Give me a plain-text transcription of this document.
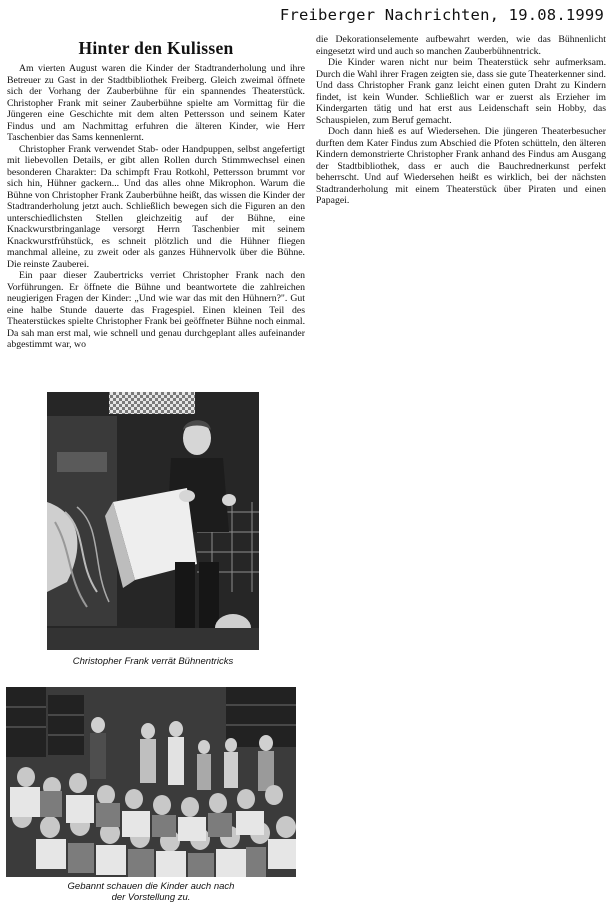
Freiberger Nachrichten, 19.08.1999
Hinter den Kulissen

Am vierten August waren die Kinder der Stadtranderholung und ihre Betreuer zu Gast in der Stadtbibliothek Freiberg. Gleich zweimal öffnete sich der Vorhang der Zauberbühne für ein spannendes Theaterstück. Christopher Frank mit seiner Zauberbühne spielte am Vormittag für die Jüngeren eine Geschichte mit dem alten Pettersson und seinem Kater Findus und am Nachmittag erfuhren die älteren Kinder, wie Herr Taschenbier das Sams kennenlernt.

Christopher Frank verwendet Stab- oder Handpuppen, selbst angefertigt mit liebevollen Details, er gibt allen Rollen durch Stimmwechsel einen besonderen Charakter: Da schimpft Frau Rotkohl, Pettersson brummt vor sich hin, Hühner gackern... Und das alles ohne Mikrophon. Warum die Bühne von Christopher Frank Zauberbühne heißt, das wissen die Kinder der Stadtranderholung jetzt auch. Schließlich bewegen sich die Figuren an den unterschiedlichsten Stellen gleichzeitig auf der Bühne, eine Knackwurstbringanlage versorgt Herrn Taschenbier mit seinem Knackwurstfrühstück, es schneit plötzlich und die Hühner fliegen manchmal alleine, zu zweit oder als ganzes Hühnervolk über die Bühne. Die reinste Zauberei.

Ein paar dieser Zaubertricks verriet Christopher Frank nach den Vorführungen. Er öffnete die Bühne und beantwortete die zahlreichen neugierigen Fragen der Kinder: „Und wie war das mit den Hühnern?". Gut eine halbe Stunde dauerte das Fragespiel. Einen kleinen Teil des Theaterstückes spielte Christopher Frank bei geöffneter Bühne noch einmal. Da sah man erst mal, wie schnell und genau durchgeplant alles aufeinander abgestimmt war, wo

die Dekorationselemente aufbewahrt werden, wie das Bühnenlicht eingesetzt wird und auch so manchen Zauberbühnentrick.

Die Kinder waren nicht nur beim Theaterstück sehr aufmerksam. Durch die Wahl ihrer Fragen zeigten sie, dass sie gute Theaterkenner sind. Und dass Christopher Frank ganz leicht einen guten Draht zu Kindern findet, ist kein Wunder. Schließlich war er zuerst als Erzieher im Kindergarten tätig und hat erst aus Leidenschaft sein Hobby, das Schauspielen, zum Beruf gemacht.

Doch dann hieß es auf Wiedersehen. Die jüngeren Theaterbesucher durften dem Kater Findus zum Abschied die Pfoten schütteln, den älteren Kindern demonstrierte Christopher Frank anhand des Findus am Ausgang der Stadtbibliothek, dass er auch die Bauchrednerkunst perfekt beherrscht. Und auf Wiedersehen heißt es wirklich, bei der nächsten Stadtranderholung mit einem Theaterstück über Piraten und einen Papagei.

Christopher Frank verrät Bühnentricks
Gebannt schauen die Kinder auch nach
der Vorstellung zu.
